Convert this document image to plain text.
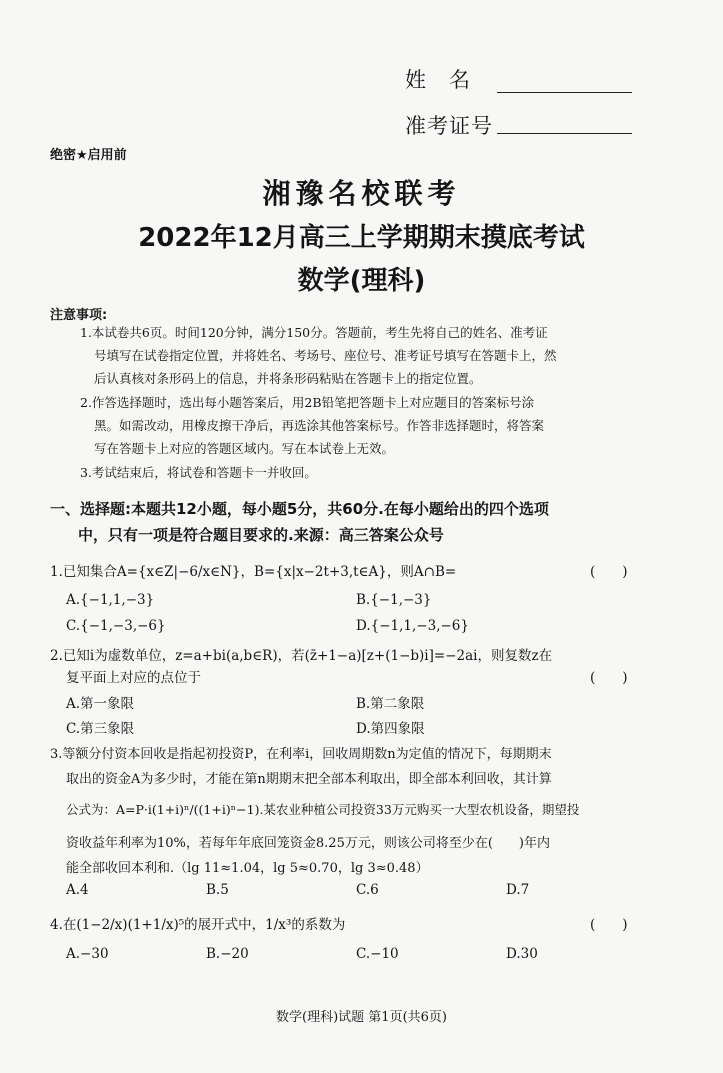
姓　名
准考证号
绝密★启用前
湘豫名校联考
2022年12月高三上学期期末摸底考试
数学(理科)
注意事项:
1.本试卷共6页。时间120分钟，满分150分。答题前，考生先将自己的姓名、准考证
号填写在试卷指定位置，并将姓名、考场号、座位号、准考证号填写在答题卡上，然
后认真核对条形码上的信息，并将条形码粘贴在答题卡上的指定位置。
2.作答选择题时，选出每小题答案后，用2B铅笔把答题卡上对应题目的答案标号涂
黑。如需改动，用橡皮擦干净后，再选涂其他答案标号。作答非选择题时，将答案
写在答题卡上对应的答题区域内。写在本试卷上无效。
3.考试结束后，将试卷和答题卡一并收回。
一、选择题:本题共12小题，每小题5分，共60分.在每小题给出的四个选项
中，只有一项是符合题目要求的.来源：高三答案公众号
1.已知集合A={x∈Z|−6/x∈N}，B={x|x−2t+3,t∈A}，则A∩B=	(　　)
A.{−1,1,−3}	B.{−1,−3}
C.{−1,−3,−6}	D.{−1,1,−3,−6}
2.已知i为虚数单位，z=a+bi(a,b∈R)，若(z̄+1−a)[z+(1−b)i]=−2ai，则复数z在
复平面上对应的点位于	(　　)
A.第一象限	B.第二象限
C.第三象限	D.第四象限
3.等额分付资本回收是指起初投资P，在利率i，回收周期数n为定值的情况下，每期期末
取出的资金A为多少时，才能在第n期期末把全部本利取出，即全部本利回收，其计算
公式为：A=P·i(1+i)ⁿ/((1+i)ⁿ−1).某农业种植公司投资33万元购买一大型农机设备，期望投
资收益年利率为10%，若每年年底回笼资金8.25万元，则该公司将至少在(　　)年内
能全部收回本利和.（lg 11≈1.04，lg 5≈0.70，lg 3≈0.48）
A.4	B.5	C.6	D.7
4.在(1−2/x)(1+1/x)⁵的展开式中，1/x³的系数为	(　　)
A.−30	B.−20	C.−10	D.30
数学(理科)试题 第1页(共6页)
